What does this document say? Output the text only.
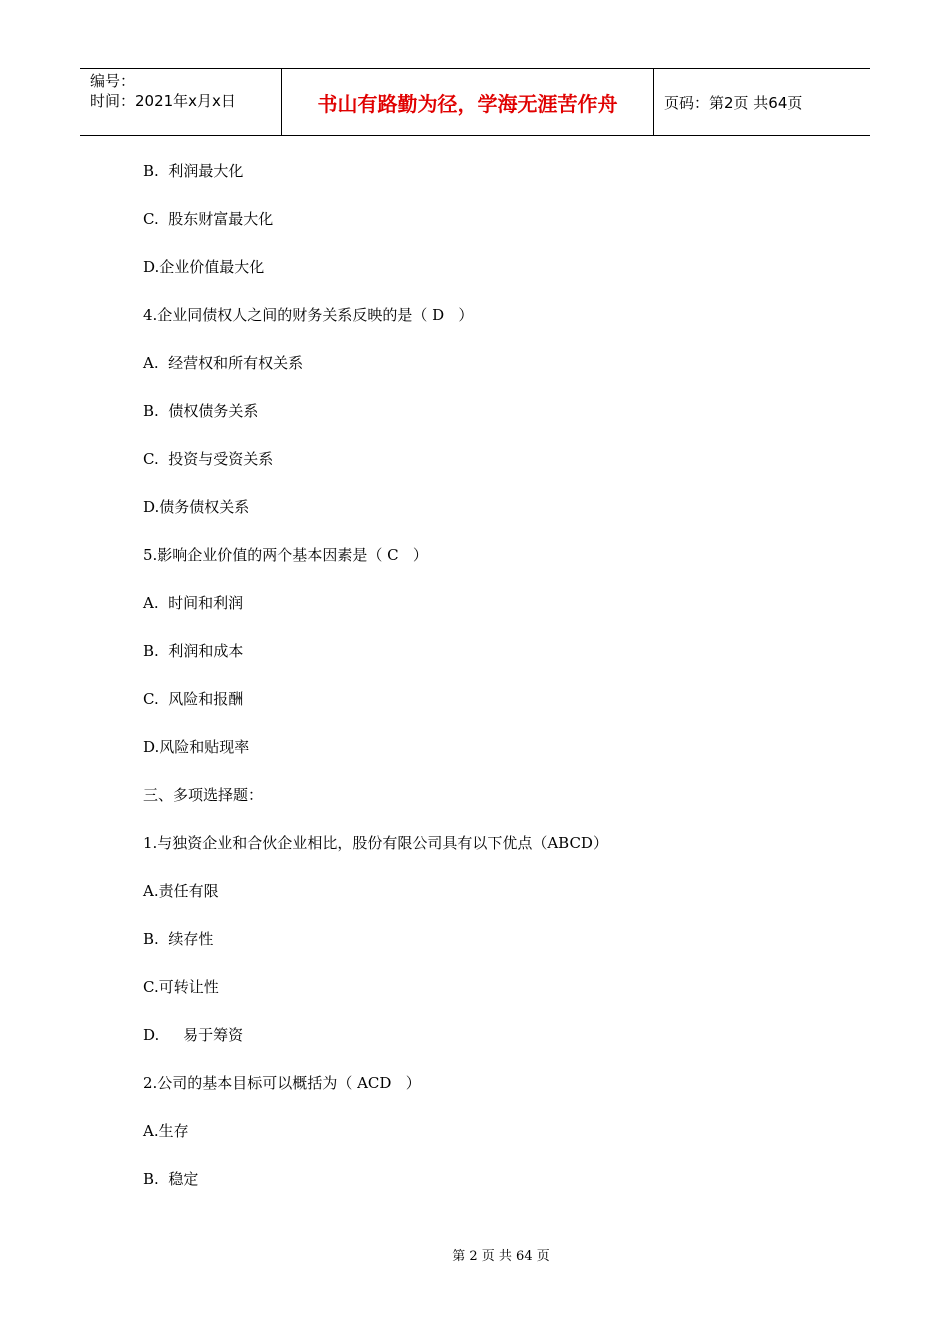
编号：
时间：2021年x月x日	书山有路勤为径，学海无涯苦作舟	页码：第2页 共64页
B.  利润最大化
C.  股东财富最大化
D.企业价值最大化
4.企业同债权人之间的财务关系反映的是（ D   ）
A.  经营权和所有权关系
B.  债权债务关系
C.  投资与受资关系
D.债务债权关系
5.影响企业价值的两个基本因素是（ C   ）
A.  时间和利润
B.  利润和成本
C.  风险和报酬
D.风险和贴现率
三、多项选择题：
1.与独资企业和合伙企业相比，股份有限公司具有以下优点（ABCD）
A.责任有限
B.  续存性
C.可转让性
D.     易于筹资
2.公司的基本目标可以概括为（ ACD   ）
A.生存
B.  稳定
第 2 页 共 64 页
